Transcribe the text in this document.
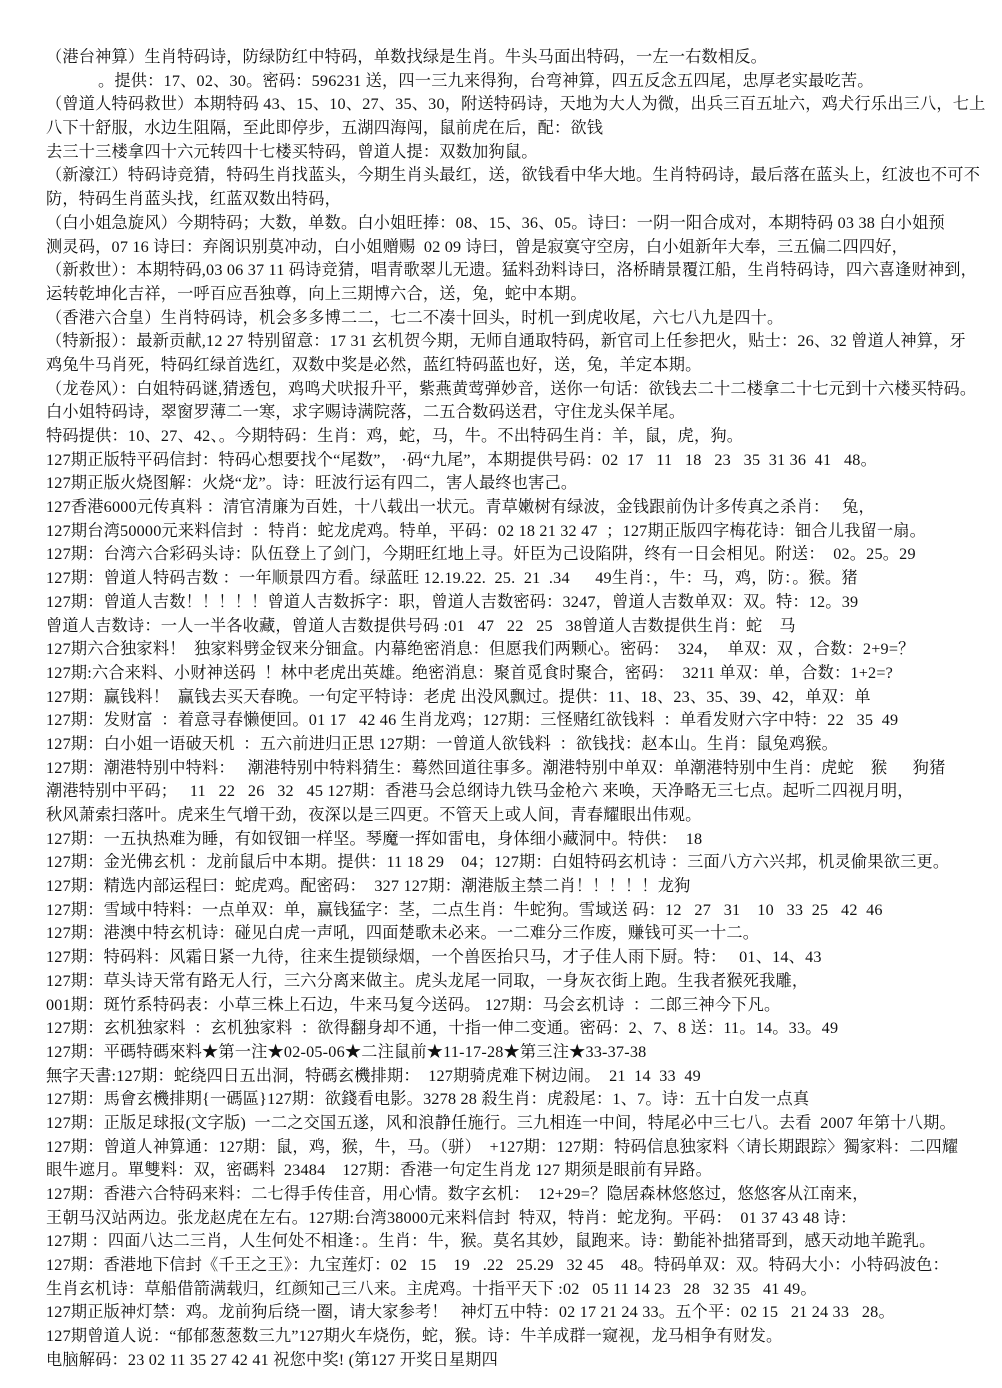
（港台神算）生肖特码诗，防绿防红中特码，单数找绿是生肖。牛头马面出特码，一左一右数相反。

。提供：17、02、30。密码：596231 送，四一三九来得狗，台弯神算，四五反念五四尾，忠厚老实最吃苦。

（曾道人特码救世）本期特码 43、15、10、27、35、30，附送特码诗，天地为大人为微，出兵三百五址六，鸡犬行乐出三八，七上

八下十舒服，水边生阻隔，至此即停步，五湖四海闯，鼠前虎在后，配：欲钱

去三十三楼拿四十六元转四十七楼买特码，曾道人提：双数加狗鼠。

（新濠江）特码诗竞猜，特码生肖找蓝头，今期生肖头最红，送，欲钱看中华大地。生肖特码诗，最后落在蓝头上，红波也不可不

防，特码生肖蓝头找，红蓝双数出特码，

（白小姐急旋风）今期特码；大数，单数。白小姐旺捧：08、15、36、05。诗曰：一阴一阳合成对，本期特码 03 38 白小姐预

测灵码，07 16 诗曰：弃阁识别莫冲动，白小姐赠赐  02 09 诗曰，曾是寂寞守空房，白小姐新年大奉，三五偏二四四好，

（新救世）：本期特码,03 06 37 11 码诗竞猜，唱青歌翠儿无遗。猛料劲料诗曰，洛桥睛景覆江船，生肖特码诗，四六喜逢财神到，

运转乾坤化吉祥，一呼百应吾独尊，向上三期博六合，送，兔，蛇中本期。

（香港六合皇）生肖特码诗，机会多多博二二，七二不凑十回头，时机一到虎收尾，六七八九是四十。

（特新报）：最新贡献,12 27 特别留意：17 31 玄机贺今期，无师自通取特码，新官司上任参把火，贴士：26、32 曾道人神算，牙

鸡兔牛马肖死，特码红绿首选红，双数中奖是必然，蓝红特码蓝也好，送，兔，羊定本期。

（龙卷风）：白姐特码谜,猜透包，鸡鸣犬吠报升平，紫燕黄莺弹妙音，送你一句话：欲钱去二十二楼拿二十七元到十六楼买特码。

白小姐特码诗，翠窗罗薄二一寒，求字赐诗满院落，二五合数码送君，守住龙头保羊尾。

特码提供：10、27、42、。今期特码：生肖：鸡，蛇，马，牛。不出特码生肖：羊，鼠，虎，狗。

127期正版特平码信封：特码心想要找个“尾数”， ·码“九尾”，本期提供号码：02  17   11   18   23   35  31 36  41   48。

127期正版火烧图解：火烧“龙”。诗：旺波行运有四二，害人最终也害己。

127香港6000元传真料 ：清官清廉为百姓，十八载出一状元。青草嫩树有绿波，金钱跟前伪计多传真之杀肖：   兔，

127期台湾50000元来料信封  ：特肖：蛇龙虎鸡。特单，平码：02 18 21 32 47  ；127期正版四字梅花诗：钿合儿我留一扇。

127期：台湾六合彩码头诗：队伍登上了剑门，今期旺红地上寻。奸臣为己设陷阱，终有一日会相见。附送：  02。25。29

127期：曾道人特码吉数 ：一年顺景四方看。绿蓝旺 12.19.22.  25.  21  .34      49生肖：，牛：马，鸡，防：。猴。猪

127期：曾道人吉数！！！！！曾道人吉数拆字：职，曾道人吉数密码：3247，曾道人吉数单双：双。特：12。39

曾道人吉数诗：一人一半各收藏，曾道人吉数提供号码 :01   47   22   25   38曾道人吉数提供生肖：蛇    马

127期六合独家料！  独家料劈金钗来分钿盒。内幕绝密消息：但愿我们两颗心。密码：  324，  单双：双 ，合数：2+9=？

127期:六合来料、小财神送码  ！林中老虎出英雄。绝密消息：聚首觅食时聚合，密码：  3211 单双：单，合数：1+2=?

127期：赢钱料！  赢钱去买天春晚。一句定平特诗：老虎 出没风飘过。提供：11、18、23、35、39、42，单双：单

127期：发财富  ：着意寻春懒便回。01 17   42 46 生肖龙鸡；127期：三怪赌红欲钱料  ：单看发财六字中特：22   35  49

127期：白小姐一语破天机  ：五六前进归正思 127期：一曾道人欲钱料  ：欲钱找：赵本山。生肖：鼠兔鸡猴。

127期：潮港特别中特料：   潮港特别中特料猜生：蓦然回道往事多。潮港特别中单双：单潮港特别中生肖：虎蛇    猴      狗猪

潮港特别中平码；   11   22   26   32   45 127期：香港马会总纲诗九铁马金枪六 来唤，天净略无三七点。起听二四视月明，

秋风萧索扫落叶。虎来生气增干劲，夜深以是三四更。不管天上或人间，青春耀眼出伟观。

127期：一五执热难为睡，有如钗钿一样坚。琴魔一挥如雷电，身体细小藏洞中。特供：  18

127期：金光佛玄机 ：龙前鼠后中本期。提供：11 18 29    04；127期：白姐特码玄机诗 ：三面八方六兴邦，机灵偷果欲三更。

127期：精选内部运程曰：蛇虎鸡。配密码：  327 127期：潮港版主禁二肖！！！！！龙狗

127期：雪域中特料：一点单双：单，赢钱猛字：茎，二点生肖：牛蛇狗。雪域送 码：12   27   31    10   33  25   42  46

127期：港澳中特玄机诗：碰见白虎一声吼，四面楚歌未必来。一二难分三作废，赚钱可买一十二。

127期：特码料：风霜日紧一九待，往来生提锁绿烟，一个兽医抬只马，才子佳人雨下厨。特：   01、14、43

127期：草头诗天常有路无人行，三六分离来做主。虎头龙尾一同取，一身灰衣街上跑。生我者猴死我雕，

001期：斑竹系特码表：小草三株上石边，牛来马复今送码。 127期：马会玄机诗  ：二郎三神今下凡。

127期：玄机独家料  ：玄机独家料  ：欲得翻身却不通，十指一伸二变通。密码：2、7、8 送：11。14。33。49

127期：平碼特碼來料★第一注★02-05-06★二注鼠前★11-17-28★第三注★33-37-38

無字天書:127期：蛇绕四日五出洞，特碼玄機排期：  127期骑虎难下树边闹。  21  14  33  49

127期：馬會玄機排期{一碼區}127期：欲錢看电影。3278 28 殺生肖：虎殺尾：1、7。诗：五十白发一点真

127期：正版足球报(文字版)  一二之交国五遂，风和浪静任施行。三九相连一中间，特尾必中三七八。去看  2007 年第十八期。

127期：曾道人神算通：127期：鼠，鸡，猴，牛，马。（骈）  +127期：127期：特码信息独家料〈请长期跟踪〉獨家料：二四耀

眼牛遮月。單雙料：双，密碼料  23484    127期：香港一句定生肖龙 127 期须是眼前有异路。

127期：香港六合特码来料：二七得手传佳音，用心情。数字玄机：  12+29=？隐居森林悠悠过，悠悠客从江南来，

王朝马汉站两边。张龙赵虎在左右。127期:台湾38000元来料信封  特双，特肖：蛇龙狗。平码：  01 37 43 48 诗：

127期 ：四面八达二三肖，人生何处不相逢：。生肖：牛，猴。莫名其妙，鼠跑来。诗：勤能补拙猪哥到，感天动地羊跪乳。

127期：香港地下信封《千王之王》：九宝莲灯：02   15    19   .22   25.29   32 45    48。特码单双：双。特码大小：小特码波色：

生肖玄机诗：草船借箭满载归，红颜知己三八来。主虎鸡。十指平天下 :02   05 11 14 23   28   32 35   41 49。

127期正版神灯禁：鸡。龙前狗后绕一圈，请大家参考！   神灯五中特：02 17 21 24 33。五个平：02 15   21 24 33   28。

127期曾道人说：“郁郁葱葱数三九”127期火车烧伤，蛇，猴。诗：牛羊成群一窥视，龙马相争有财发。

电脑解码：23 02 11 35 27 42 41 祝您中奖! (第127 开奖日星期四
